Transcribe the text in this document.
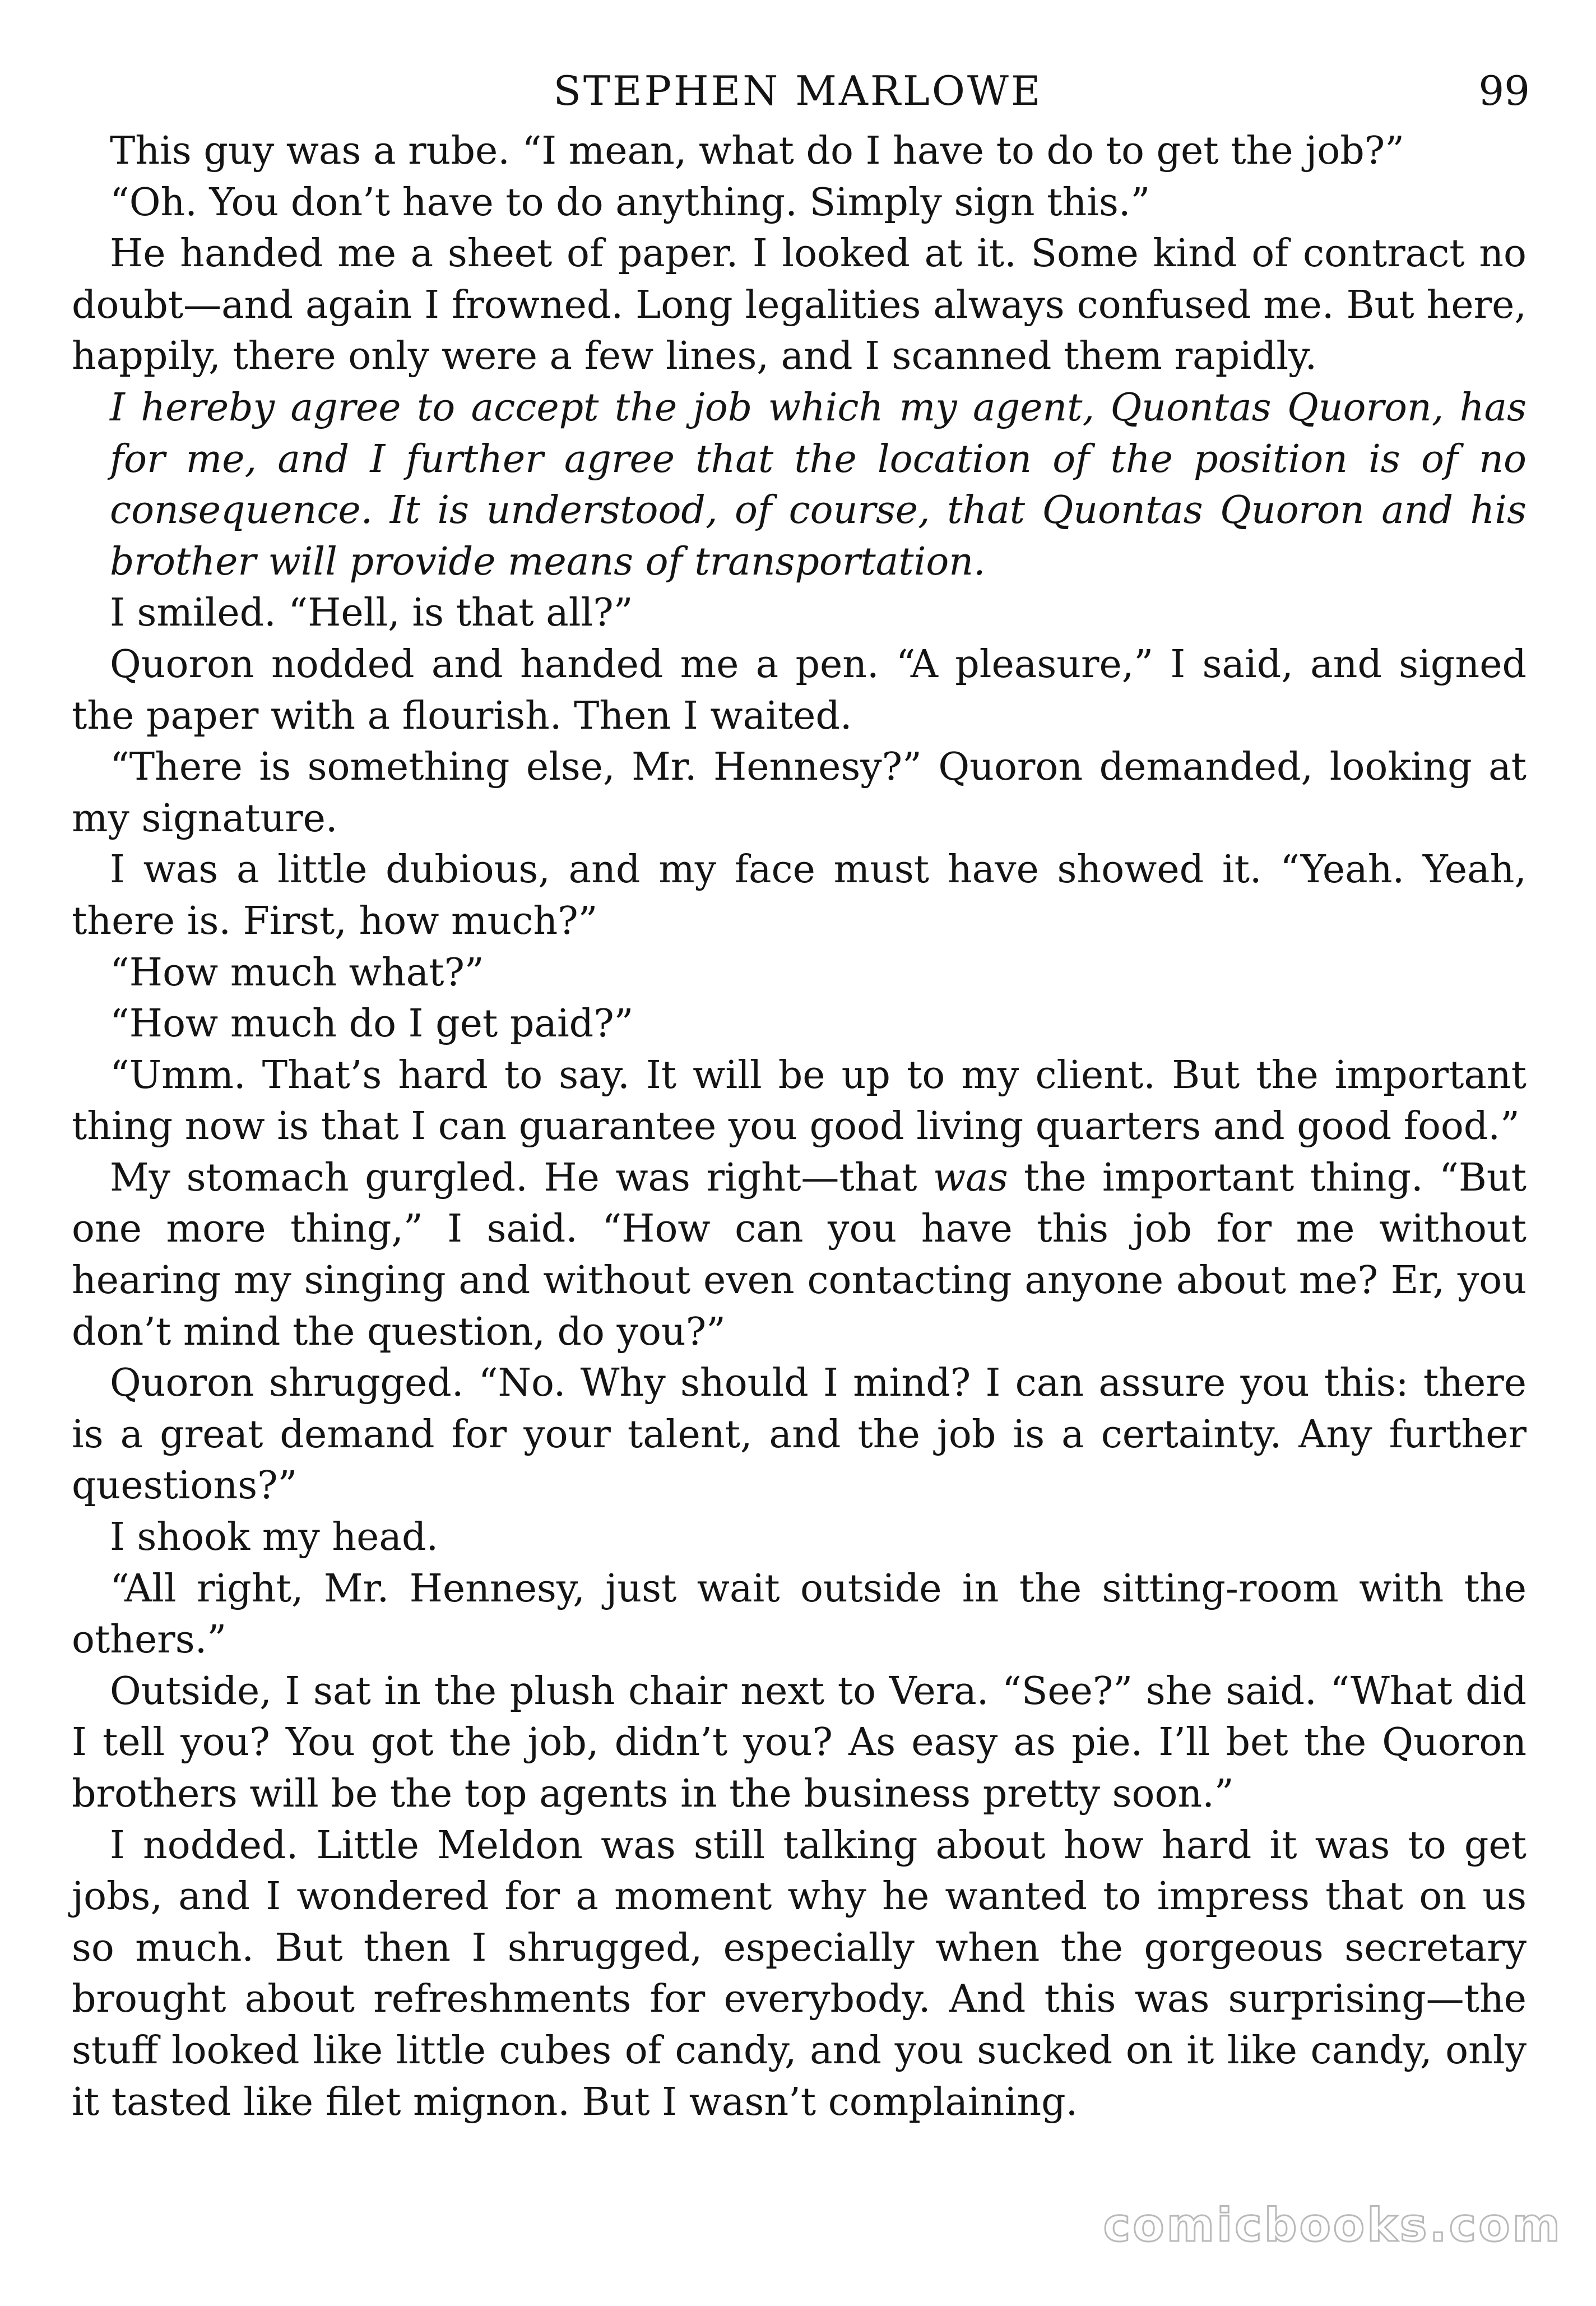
STEPHEN MARLOWE	99

This guy was a rube. “I mean, what do I have to do to get the job?”

“Oh. You don’t have to do anything. Simply sign this.”

He handed me a sheet of paper. I looked at it. Some kind of contract no doubt—and again I frowned. Long legalities always confused me. But here, happily, there only were a few lines, and I scanned them rapidly.

I hereby agree to accept the job which my agent, Quontas Quoron, has for me, and I further agree that the location of the position is of no consequence. It is understood, of course, that Quontas Quoron and his brother will provide means of transportation.

I smiled. “Hell, is that all?”

Quoron nodded and handed me a pen. “A pleasure,” I said, and signed the paper with a flourish. Then I waited.

“There is something else, Mr. Hennesy?” Quoron demanded, looking at my signature.

I was a little dubious, and my face must have showed it. “Yeah. Yeah, there is. First, how much?”

“How much what?”

“How much do I get paid?”

“Umm. That’s hard to say. It will be up to my client. But the important thing now is that I can guarantee you good living quarters and good food.”

My stomach gurgled. He was right—that was the important thing. “But one more thing,” I said. “How can you have this job for me without hearing my singing and without even contacting anyone about me? Er, you don’t mind the question, do you?”

Quoron shrugged. “No. Why should I mind? I can assure you this: there is a great demand for your talent, and the job is a certainty. Any further questions?”

I shook my head.

“All right, Mr. Hennesy, just wait outside in the sitting-room with the others.”

Outside, I sat in the plush chair next to Vera. “See?” she said. “What did I tell you? You got the job, didn’t you? As easy as pie. I’ll bet the Quoron brothers will be the top agents in the business pretty soon.”

I nodded. Little Meldon was still talking about how hard it was to get jobs, and I wondered for a moment why he wanted to impress that on us so much. But then I shrugged, especially when the gorgeous secretary brought about refreshments for everybody. And this was surprising—the stuff looked like little cubes of candy, and you sucked on it like candy, only it tasted like filet mignon. But I wasn’t complaining.

comicbooks.com
